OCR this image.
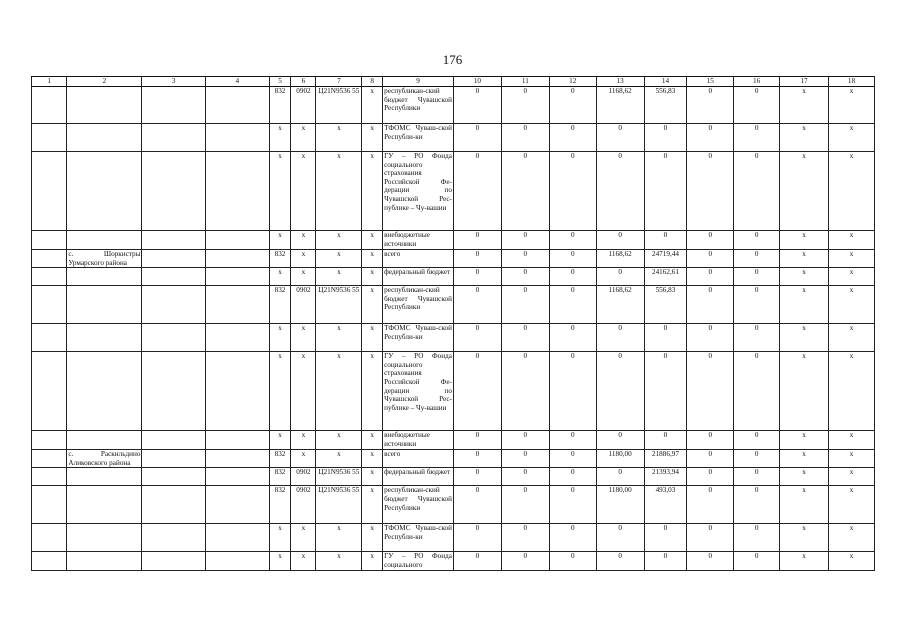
176
1	2	3	4	5	6	7	8	9	10	11	12	13	14	15	16	17	18
				832	0902	Ц21N9536 55	х	республикан-ский бюджет Чувашской Республики	0	0	0	1168,62	556,83	0	0	х	х
				х	х	х	х	ТФОМС Чуваш-ской Республи-ки	0	0	0	0	0	0	0	х	х
				х	х	х	х	ГУ – РО Фонда социального страхования Российской Фе-дерации по Чувашской Рес-публике – Чу-вашии	0	0	0	0	0	0	0	х	х
				х	х	х	х	внебюджетные источники	0	0	0	0	0	0	0	х	х
	с. Шоркистры Урмарского района			832	х	х	х	всего	0	0	0	1168,62	24719,44	0	0	х	х
				х	х	х	х	федеральный бюджет	0	0	0	0	24162,61	0	0	х	х
				832	0902	Ц21N9536 55	х	республикан-ский бюджет Чувашской Республики	0	0	0	1168,62	556,83	0	0	х	х
				х	х	х	х	ТФОМС Чуваш-ской Республи-ки	0	0	0	0	0	0	0	х	х
				х	х	х	х	ГУ – РО Фонда социального страхования Российской Фе-дерации по Чувашской Рес-публике – Чу-вашии	0	0	0	0	0	0	0	х	х
				х	х	х	х	внебюджетные источники	0	0	0	0	0	0	0	х	х
	с. Раскильдино Аликовского района			832	х	х	х	всего	0	0	0	1180,00	21886,97	0	0	х	х
				832	0902	Ц21N9536 55	х	федеральный бюджет	0	0	0	0	21393,94	0	0	х	х
				832	0902	Ц21N9536 55	х	республикан-ский бюджет Чувашской Республики	0	0	0	1180,00	493,03	0	0	х	х
				х	х	х	х	ТФОМС Чуваш-ской Республи-ки	0	0	0	0	0	0	0	х	х
				х	х	х	х	ГУ – РО Фонда социального	0	0	0	0	0	0	0	х	х
